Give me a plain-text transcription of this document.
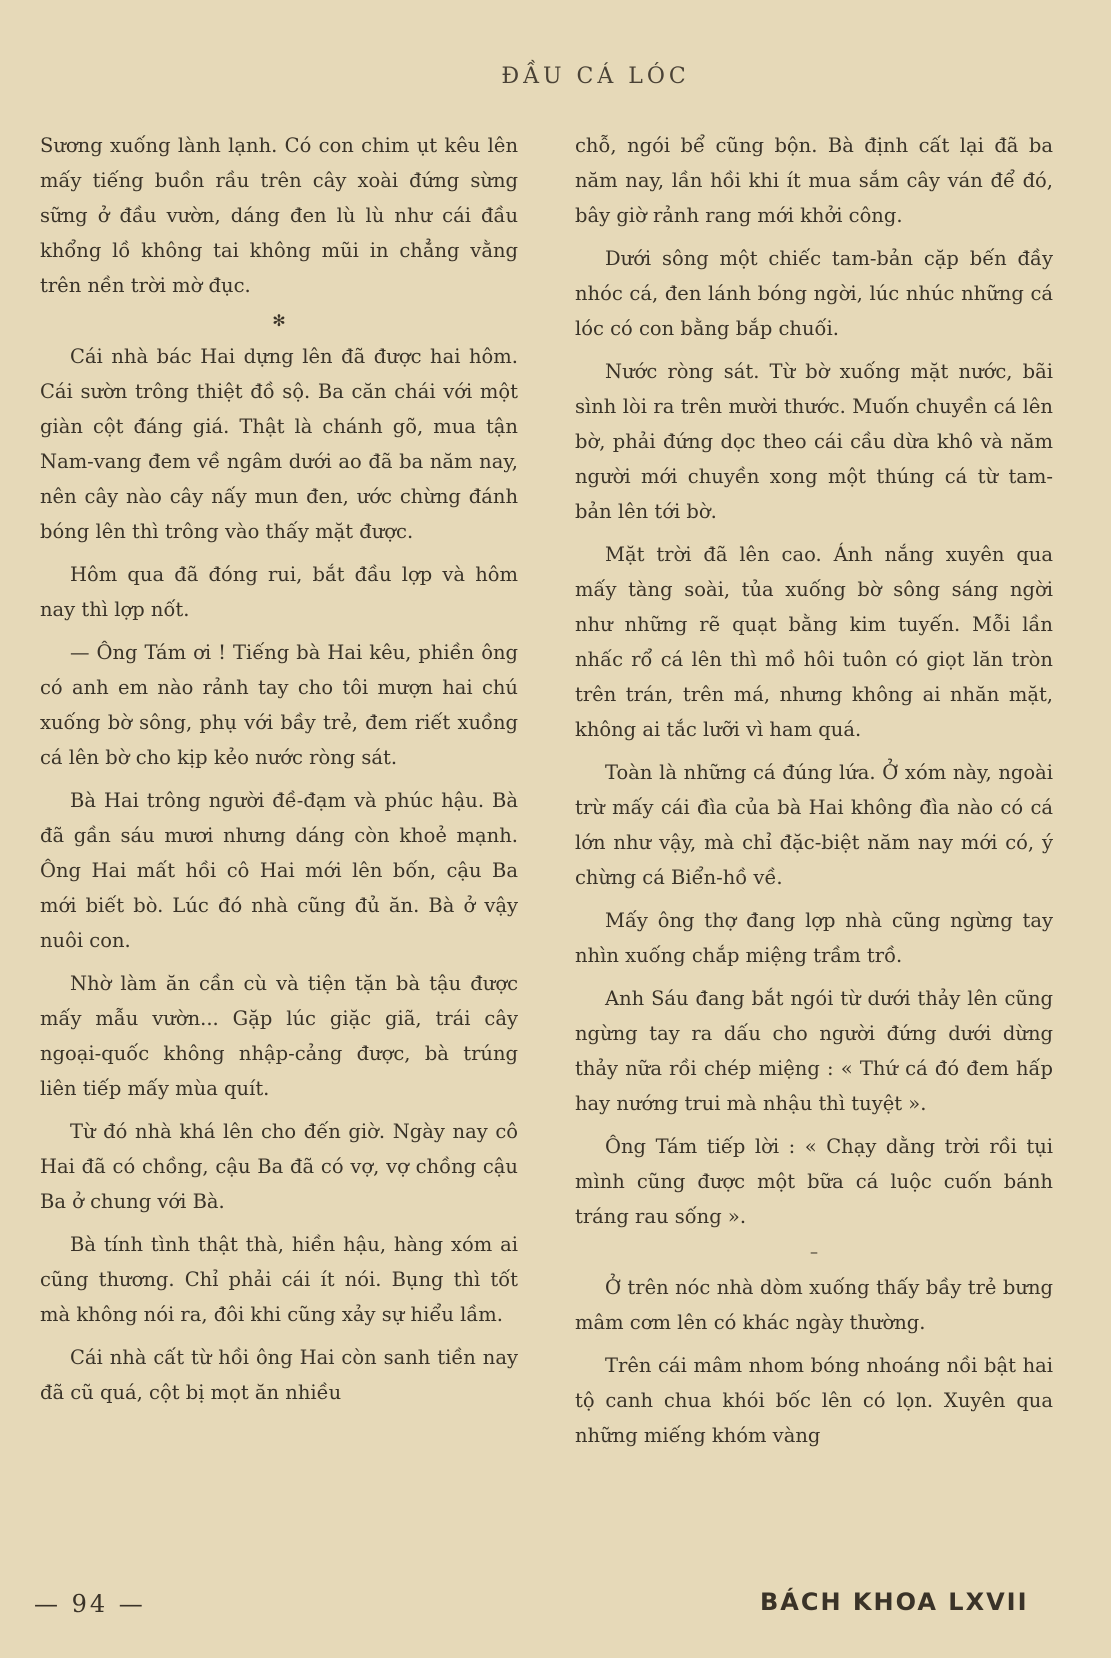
ĐẦU CÁ LÓC

Sương xuống lành lạnh. Có con chim ụt kêu lên mấy tiếng buồn rầu trên cây xoài đứng sừng sững ở đầu vườn, dáng đen lù lù như cái đầu khổng lồ không tai không mũi in chẳng vằng trên nền trời mờ đục.

✻

Cái nhà bác Hai dựng lên đã được hai hôm. Cái sườn trông thiệt đồ sộ. Ba căn chái với một giàn cột đáng giá. Thật là chánh gõ, mua tận Nam-vang đem về ngâm dưới ao đã ba năm nay, nên cây nào cây nấy mun đen, ước chừng đánh bóng lên thì trông vào thấy mặt được.

Hôm qua đã đóng rui, bắt đầu lợp và hôm nay thì lợp nốt.

— Ông Tám ơi ! Tiếng bà Hai kêu, phiền ông có anh em nào rảnh tay cho tôi mượn hai chú xuống bờ sông, phụ với bầy trẻ, đem riết xuồng cá lên bờ cho kịp kẻo nước ròng sát.

Bà Hai trông người đề-đạm và phúc hậu. Bà đã gần sáu mươi nhưng dáng còn khoẻ mạnh. Ông Hai mất hồi cô Hai mới lên bốn, cậu Ba mới biết bò. Lúc đó nhà cũng đủ ăn. Bà ở vậy nuôi con.

Nhờ làm ăn cần cù và tiện tặn bà tậu được mấy mẫu vườn... Gặp lúc giặc giã, trái cây ngoại-quốc không nhập-cảng được, bà trúng liên tiếp mấy mùa quít.

Từ đó nhà khá lên cho đến giờ. Ngày nay cô Hai đã có chồng, cậu Ba đã có vợ, vợ chồng cậu Ba ở chung với Bà.

Bà tính tình thật thà, hiền hậu, hàng xóm ai cũng thương. Chỉ phải cái ít nói. Bụng thì tốt mà không nói ra, đôi khi cũng xảy sự hiểu lầm.

Cái nhà cất từ hồi ông Hai còn sanh tiền nay đã cũ quá, cột bị mọt ăn nhiều

chỗ, ngói bể cũng bộn. Bà định cất lại đã ba năm nay, lần hồi khi ít mua sắm cây ván để đó, bây giờ rảnh rang mới khởi công.

Dưới sông một chiếc tam-bản cặp bến đầy nhóc cá, đen lánh bóng ngời, lúc nhúc những cá lóc có con bằng bắp chuối.

Nước ròng sát. Từ bờ xuống mặt nước, bãi sình lòi ra trên mười thước. Muốn chuyền cá lên bờ, phải đứng dọc theo cái cầu dừa khô và năm người mới chuyền xong một thúng cá từ tam-bản lên tới bờ.

Mặt trời đã lên cao. Ánh nắng xuyên qua mấy tàng soài, tủa xuống bờ sông sáng ngời như những rẽ quạt bằng kim tuyến. Mỗi lần nhấc rổ cá lên thì mồ hôi tuôn có giọt lăn tròn trên trán, trên má, nhưng không ai nhăn mặt, không ai tắc lưỡi vì ham quá.

Toàn là những cá đúng lứa. Ở xóm này, ngoài trừ mấy cái đìa của bà Hai không đìa nào có cá lớn như vậy, mà chỉ đặc-biệt năm nay mới có, ý chừng cá Biển-hồ về.

Mấy ông thợ đang lợp nhà cũng ngừng tay nhìn xuống chắp miệng trầm trồ.

Anh Sáu đang bắt ngói từ dưới thảy lên cũng ngừng tay ra dấu cho người đứng dưới dừng thảy nữa rồi chép miệng : « Thứ cá đó đem hấp hay nướng trui mà nhậu thì tuyệt ».

Ông Tám tiếp lời : « Chạy dằng trời rồi tụi mình cũng được một bữa cá luộc cuốn bánh tráng rau sống ».

–

Ở trên nóc nhà dòm xuống thấy bầy trẻ bưng mâm cơm lên có khác ngày thường.

Trên cái mâm nhom bóng nhoáng nồi bật hai tộ canh chua khói bốc lên có lọn. Xuyên qua những miếng khóm vàng

— 94 —	BÁCH KHOA LXVII
